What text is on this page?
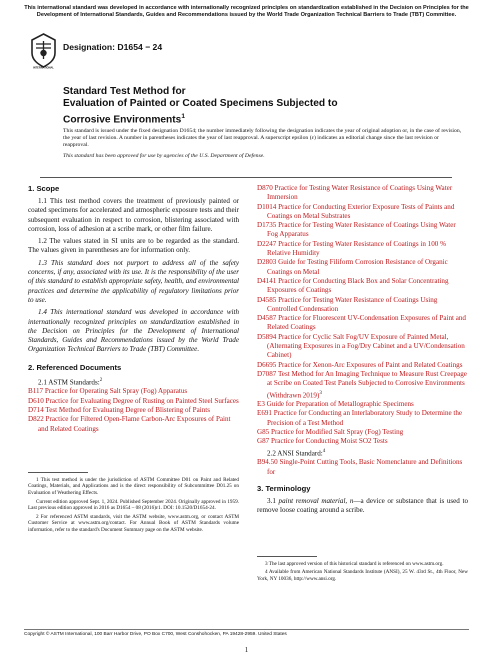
This international standard was developed in accordance with internationally recognized principles on standardization established in the Decision on Principles for the Development of International Standards, Guides and Recommendations issued by the World Trade Organization Technical Barriers to Trade (TBT) Committee.
INTERNATIONAL
Designation: D1654 − 24
Standard Test Method for
Evaluation of Painted or Coated Specimens Subjected to
Corrosive Environments$^1$

This standard is issued under the fixed designation D1654; the number immediately following the designation indicates the year of original adoption or, in the case of revision, the year of last revision. A number in parentheses indicates the year of last reapproval. A superscript epsilon (ε) indicates an editorial change since the last revision or reapproval.

This standard has been approved for use by agencies of the U.S. Department of Defense.

1. Scope

1.1 This test method covers the treatment of previously painted or coated specimens for accelerated and atmospheric exposure tests and their subsequent evaluation in respect to corrosion, blistering associated with corrosion, loss of adhesion at a scribe mark, or other film failure.

1.2 The values stated in SI units are to be regarded as the standard. The values given in parentheses are for information only.

1.3 This standard does not purport to address all of the safety concerns, if any, associated with its use. It is the responsibility of the user of this standard to establish appropriate safety, health, and environmental practices and determine the applicability of regulatory limitations prior to use.

1.4 This international standard was developed in accordance with internationally recognized principles on standardization established in the Decision on Principles for the Development of International Standards, Guides and Recommendations issued by the World Trade Organization Technical Barriers to Trade (TBT) Committee.

2. Referenced Documents

2.1 ASTM Standards:$^2$

B117 Practice for Operating Salt Spray (Fog) Apparatus

D610 Practice for Evaluating Degree of Rusting on Painted Steel Surfaces

D714 Test Method for Evaluating Degree of Blistering of Paints

D822 Practice for Filtered Open-Flame Carbon-Arc Exposures of Paint and Related Coatings

1 This test method is under the jurisdiction of ASTM Committee D01 on Paint and Related Coatings, Materials, and Applications and is the direct responsibility of Subcommittee D01.25 on Evaluation of Weathering Effects.

Current edition approved Sept. 1, 2024. Published September 2024. Originally approved in 1959. Last previous edition approved in 2016 as D1654 – 08 (2016)ε1. DOI: 10.1520/D1654-24.

2 For referenced ASTM standards, visit the ASTM website, www.astm.org, or contact ASTM Customer Service at www.astm.org/contact. For Annual Book of ASTM Standards volume information, refer to the standard's Document Summary page on the ASTM website.

D870 Practice for Testing Water Resistance of Coatings Using Water Immersion

D1014 Practice for Conducting Exterior Exposure Tests of Paints and Coatings on Metal Substrates

D1735 Practice for Testing Water Resistance of Coatings Using Water Fog Apparatus

D2247 Practice for Testing Water Resistance of Coatings in 100 % Relative Humidity

D2803 Guide for Testing Filiform Corrosion Resistance of Organic Coatings on Metal

D4141 Practice for Conducting Black Box and Solar Concentrating Exposures of Coatings

D4585 Practice for Testing Water Resistance of Coatings Using Controlled Condensation

D4587 Practice for Fluorescent UV-Condensation Exposures of Paint and Related Coatings

D5894 Practice for Cyclic Salt Fog/UV Exposure of Painted Metal, (Alternating Exposures in a Fog/Dry Cabinet and a UV/Condensation Cabinet)

D6695 Practice for Xenon-Arc Exposures of Paint and Related Coatings

D7087 Test Method for An Imaging Technique to Measure Rust Creepage at Scribe on Coated Test Panels Subjected to Corrosive Environments (Withdrawn 2019)$^3$

E3 Guide for Preparation of Metallographic Specimens

E691 Practice for Conducting an Interlaboratory Study to Determine the Precision of a Test Method

G85 Practice for Modified Salt Spray (Fog) Testing

G87 Practice for Conducting Moist SO2 Tests

2.2 ANSI Standard:$^4$

B94.50 Single-Point Cutting Tools, Basic Nomenclature and Definitions for

3. Terminology

3.1 paint removal material, n—a device or substance that is used to remove loose coating around a scribe.

3 The last approved version of this historical standard is referenced on www.astm.org.

4 Available from American National Standards Institute (ANSI), 25 W. 43rd St., 4th Floor, New York, NY 10036, http://www.ansi.org.

Copyright © ASTM International, 100 Barr Harbor Drive, PO Box C700, West Conshohocken, PA 19428-2959. United States
1
